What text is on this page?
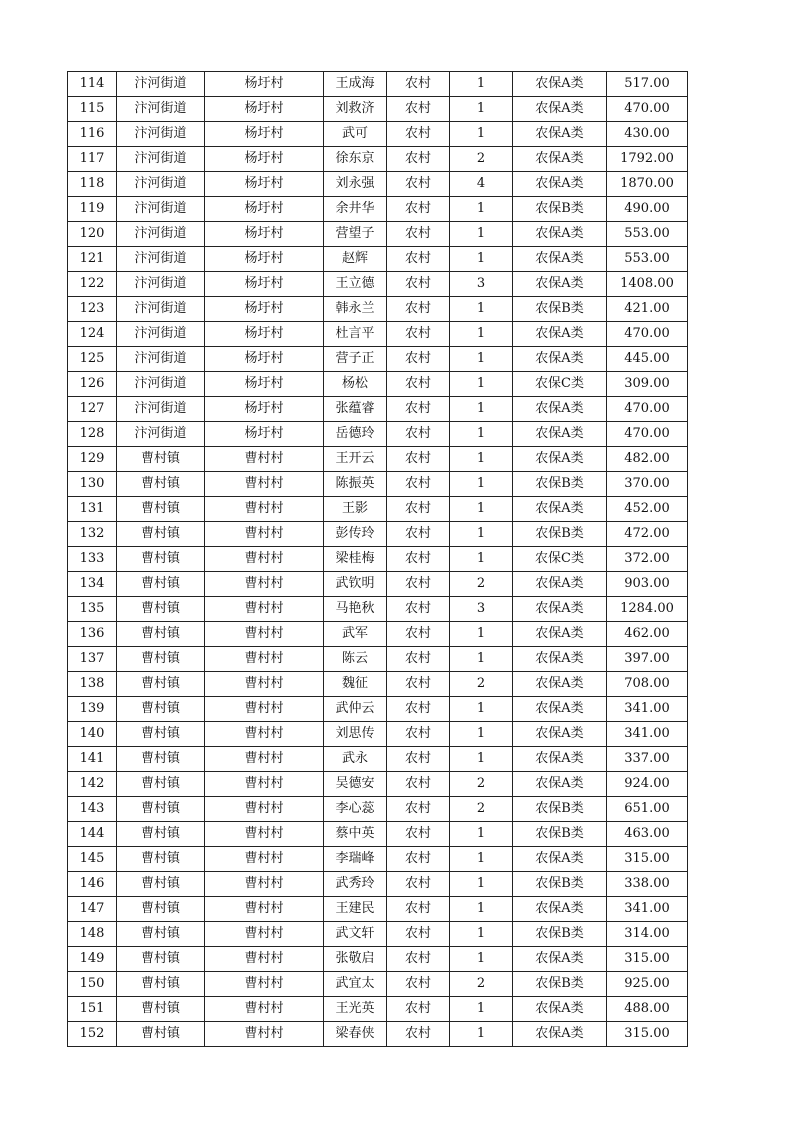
114	汴河街道	杨圩村	王成海	农村	1	农保A类	517.00
115	汴河街道	杨圩村	刘救济	农村	1	农保A类	470.00
116	汴河街道	杨圩村	武可	农村	1	农保A类	430.00
117	汴河街道	杨圩村	徐东京	农村	2	农保A类	1792.00
118	汴河街道	杨圩村	刘永强	农村	4	农保A类	1870.00
119	汴河街道	杨圩村	余井华	农村	1	农保B类	490.00
120	汴河街道	杨圩村	营望子	农村	1	农保A类	553.00
121	汴河街道	杨圩村	赵辉	农村	1	农保A类	553.00
122	汴河街道	杨圩村	王立德	农村	3	农保A类	1408.00
123	汴河街道	杨圩村	韩永兰	农村	1	农保B类	421.00
124	汴河街道	杨圩村	杜言平	农村	1	农保A类	470.00
125	汴河街道	杨圩村	营子正	农村	1	农保A类	445.00
126	汴河街道	杨圩村	杨松	农村	1	农保C类	309.00
127	汴河街道	杨圩村	张蕴睿	农村	1	农保A类	470.00
128	汴河街道	杨圩村	岳德玲	农村	1	农保A类	470.00
129	曹村镇	曹村村	王开云	农村	1	农保A类	482.00
130	曹村镇	曹村村	陈振英	农村	1	农保B类	370.00
131	曹村镇	曹村村	王影	农村	1	农保A类	452.00
132	曹村镇	曹村村	彭传玲	农村	1	农保B类	472.00
133	曹村镇	曹村村	梁桂梅	农村	1	农保C类	372.00
134	曹村镇	曹村村	武钦明	农村	2	农保A类	903.00
135	曹村镇	曹村村	马艳秋	农村	3	农保A类	1284.00
136	曹村镇	曹村村	武军	农村	1	农保A类	462.00
137	曹村镇	曹村村	陈云	农村	1	农保A类	397.00
138	曹村镇	曹村村	魏征	农村	2	农保A类	708.00
139	曹村镇	曹村村	武仲云	农村	1	农保A类	341.00
140	曹村镇	曹村村	刘思传	农村	1	农保A类	341.00
141	曹村镇	曹村村	武永	农村	1	农保A类	337.00
142	曹村镇	曹村村	吴德安	农村	2	农保A类	924.00
143	曹村镇	曹村村	李心蕊	农村	2	农保B类	651.00
144	曹村镇	曹村村	蔡中英	农村	1	农保B类	463.00
145	曹村镇	曹村村	李瑞峰	农村	1	农保A类	315.00
146	曹村镇	曹村村	武秀玲	农村	1	农保B类	338.00
147	曹村镇	曹村村	王建民	农村	1	农保A类	341.00
148	曹村镇	曹村村	武文轩	农村	1	农保B类	314.00
149	曹村镇	曹村村	张敬启	农村	1	农保A类	315.00
150	曹村镇	曹村村	武宜太	农村	2	农保B类	925.00
151	曹村镇	曹村村	王光英	农村	1	农保A类	488.00
152	曹村镇	曹村村	梁春侠	农村	1	农保A类	315.00
